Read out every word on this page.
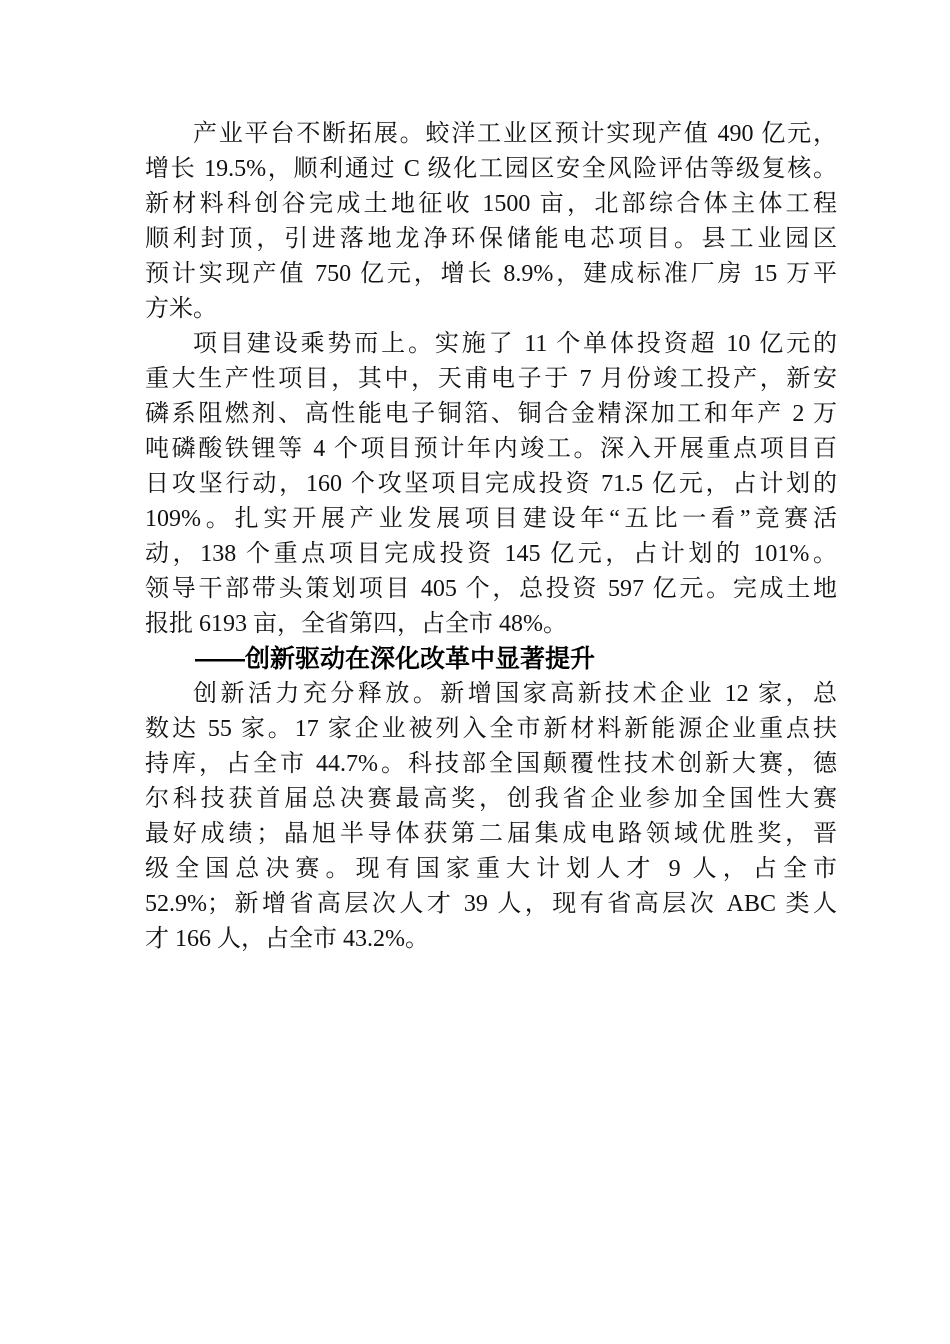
产业平台不断拓展。蛟洋工业区预计实现产值 490 亿元，
增长 19.5%，顺利通过 C 级化工园区安全风险评估等级复核。
新材料科创谷完成土地征收 1500 亩，北部综合体主体工程
顺利封顶，引进落地龙净环保储能电芯项目。县工业园区
预计实现产值 750 亿元，增长 8.9%，建成标准厂房 15 万平
方米。
项目建设乘势而上。实施了 11 个单体投资超 10 亿元的
重大生产性项目，其中，天甫电子于 7 月份竣工投产，新安
磷系阻燃剂、高性能电子铜箔、铜合金精深加工和年产 2 万
吨磷酸铁锂等 4 个项目预计年内竣工。深入开展重点项目百
日攻坚行动，160 个攻坚项目完成投资 71.5 亿元，占计划的
109%。扎实开展产业发展项目建设年“五比一看”竞赛活
动，138 个重点项目完成投资 145 亿元，占计划的 101%。
领导干部带头策划项目 405 个，总投资 597 亿元。完成土地
报批 6193 亩，全省第四，占全市 48%。
——创新驱动在深化改革中显著提升
创新活力充分释放。新增国家高新技术企业 12 家，总
数达 55 家。17 家企业被列入全市新材料新能源企业重点扶
持库，占全市 44.7%。科技部全国颠覆性技术创新大赛，德
尔科技获首届总决赛最高奖，创我省企业参加全国性大赛
最好成绩；晶旭半导体获第二届集成电路领域优胜奖，晋
级全国总决赛。现有国家重大计划人才 9 人，占全市
52.9%；新增省高层次人才 39 人，现有省高层次 ABC 类人
才 166 人，占全市 43.2%。
